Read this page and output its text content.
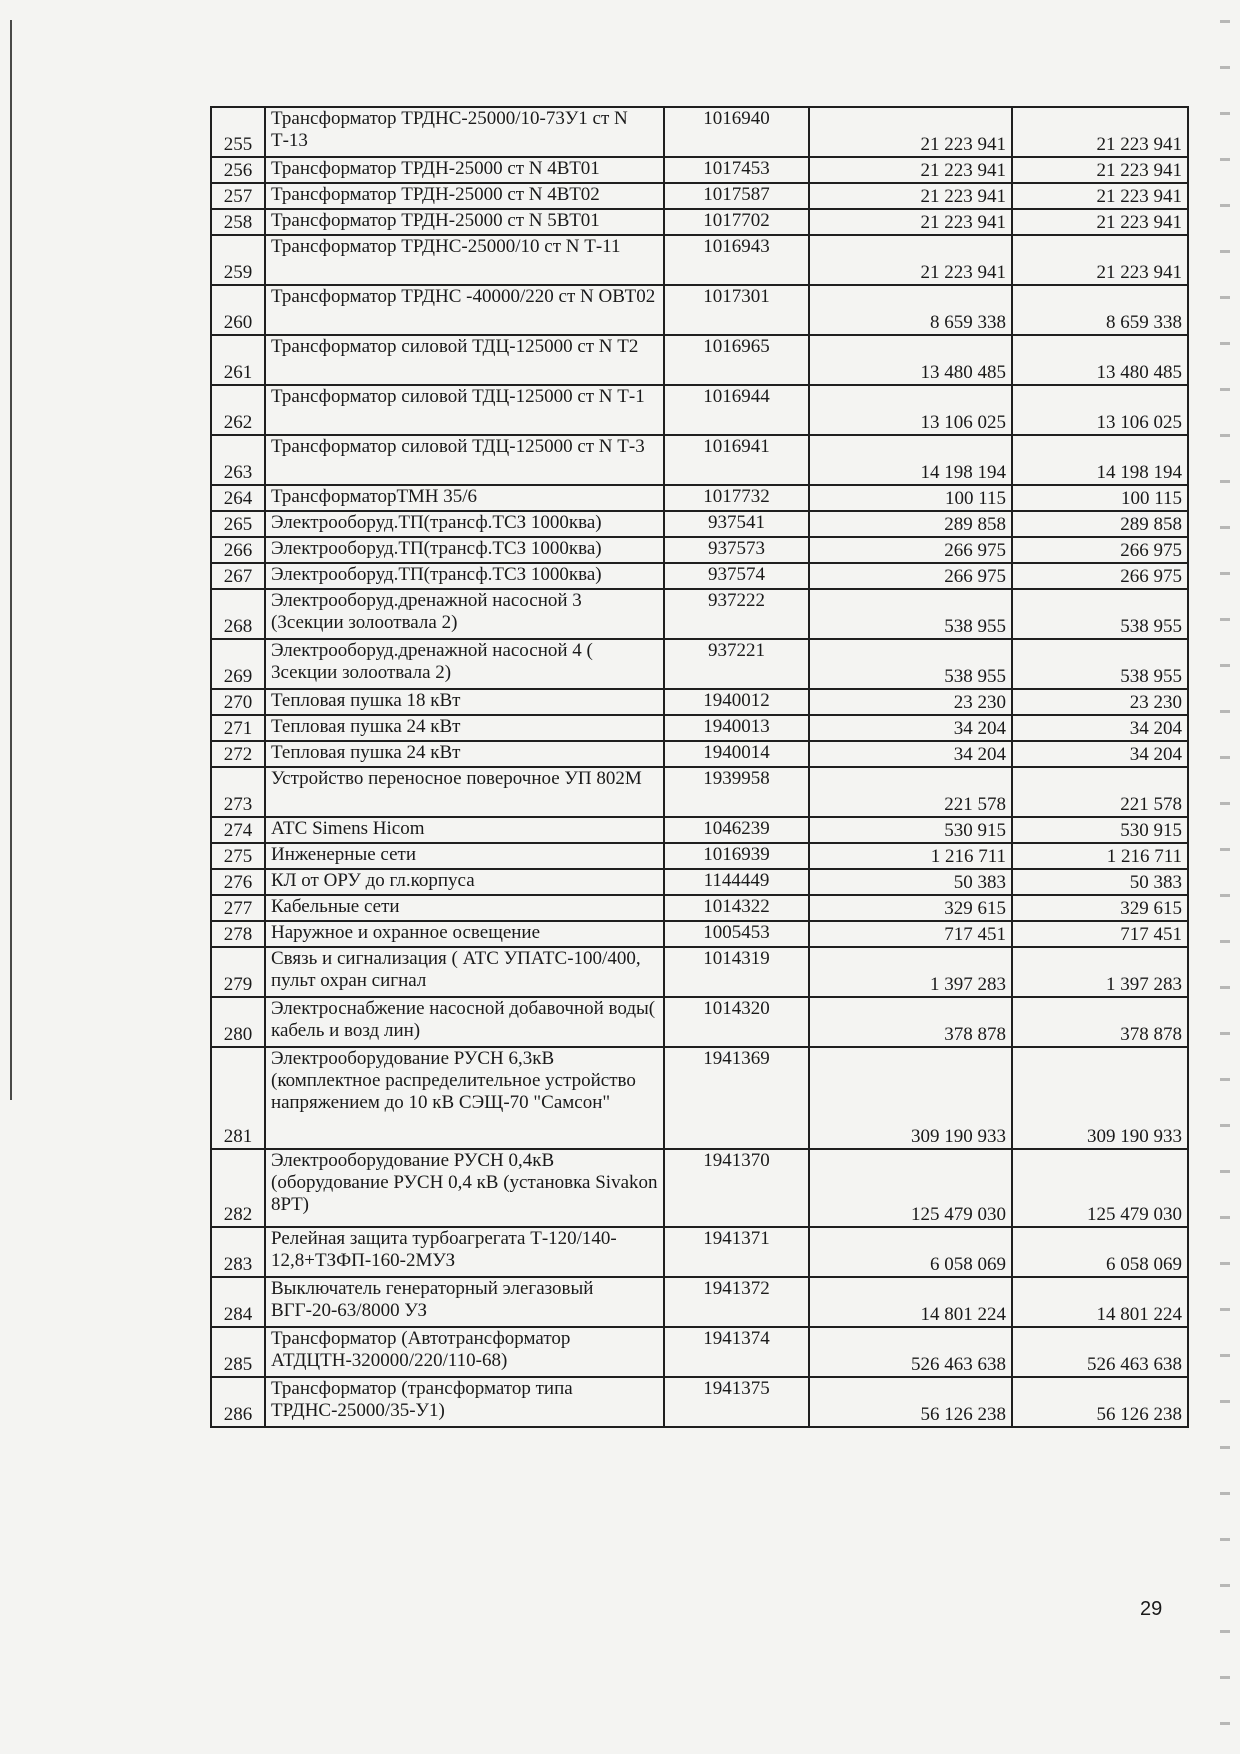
255	Трансформатор ТРДНС-25000/10-73У1 ст N Т-13	1016940	21 223 941	21 223 941
256	Трансформатор ТРДН-25000 ст N 4ВТ01	1017453	21 223 941	21 223 941
257	Трансформатор ТРДН-25000 ст N 4ВТ02	1017587	21 223 941	21 223 941
258	Трансформатор ТРДН-25000 ст N 5ВТ01	1017702	21 223 941	21 223 941
259	Трансформатор ТРДНС-25000/10 ст N Т-11	1016943	21 223 941	21 223 941
260	Трансформатор ТРДНС -40000/220 ст N ОВТ02	1017301	8 659 338	8 659 338
261	Трансформатор силовой ТДЦ-125000 ст N Т2	1016965	13 480 485	13 480 485
262	Трансформатор силовой ТДЦ-125000 ст N Т-1	1016944	13 106 025	13 106 025
263	Трансформатор силовой ТДЦ-125000 ст N Т-3	1016941	14 198 194	14 198 194
264	ТрансформаторТМН 35/6	1017732	100 115	100 115
265	Электрооборуд.ТП(трансф.ТСЗ 1000ква)	937541	289 858	289 858
266	Электрооборуд.ТП(трансф.ТСЗ 1000ква)	937573	266 975	266 975
267	Электрооборуд.ТП(трансф.ТСЗ 1000ква)	937574	266 975	266 975
268	Электрооборуд.дренажной насосной 3 (3секции золоотвала 2)	937222	538 955	538 955
269	Электрооборуд.дренажной насосной 4 ( 3секции золоотвала 2)	937221	538 955	538 955
270	Тепловая пушка 18 кВт	1940012	23 230	23 230
271	Тепловая пушка 24 кВт	1940013	34 204	34 204
272	Тепловая пушка 24 кВт	1940014	34 204	34 204
273	Устройство переносное поверочное УП 802М	1939958	221 578	221 578
274	АТС Simens Hicom	1046239	530 915	530 915
275	Инженерные сети	1016939	1 216 711	1 216 711
276	КЛ от ОРУ до гл.корпуса	1144449	50 383	50 383
277	Кабельные сети	1014322	329 615	329 615
278	Наружное и охранное освещение	1005453	717 451	717 451
279	Связь и сигнализация ( АТС УПАТС-100/400, пульт охран сигнал	1014319	1 397 283	1 397 283
280	Электроснабжение насосной добавочной воды( кабель и возд лин)	1014320	378 878	378 878
281	Электрооборудование РУСН 6,3кВ (комплектное распределительное устройство напряжением до 10 кВ СЭЩ-70 "Самсон"	1941369	309 190 933	309 190 933
282	Электрооборудование РУСН 0,4кВ (оборудование РУСН 0,4 кВ (установка Sivakon 8PT)	1941370	125 479 030	125 479 030
283	Релейная защита турбоагрегата Т-120/140-12,8+ТЗФП-160-2МУЗ	1941371	6 058 069	6 058 069
284	Выключатель генераторный элегазовый ВГГ-20-63/8000 УЗ	1941372	14 801 224	14 801 224
285	Трансформатор (Автотрансформатор АТДЦТН-320000/220/110-68)	1941374	526 463 638	526 463 638
286	Трансформатор (трансформатор типа ТРДНС-25000/35-У1)	1941375	56 126 238	56 126 238
29
